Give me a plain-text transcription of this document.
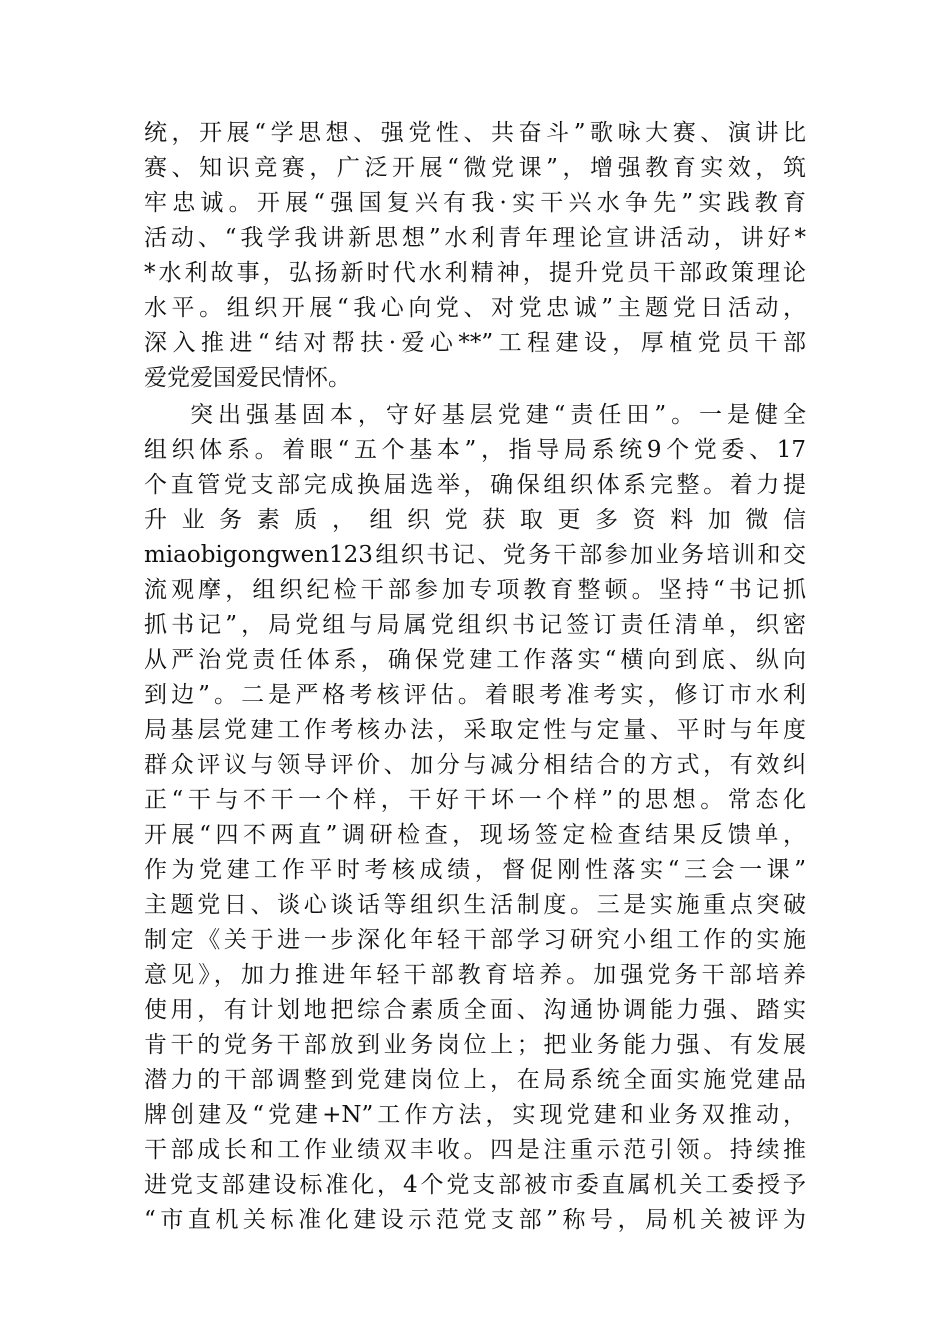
统，开展“学思想、强党性、共奋斗”歌咏大赛、演讲比
赛、知识竞赛，广泛开展“微党课”，增强教育实效，筑
牢忠诚。开展“强国复兴有我·实干兴水争先”实践教育
活动、“我学我讲新思想”水利青年理论宣讲活动，讲好*
*水利故事，弘扬新时代水利精神，提升党员干部政策理论
水平。组织开展“我心向党、对党忠诚”主题党日活动，
深入推进“结对帮扶·爱心**”工程建设，厚植党员干部
爱党爱国爱民情怀。
突出强基固本，守好基层党建“责任田”。一是健全
组织体系。着眼“五个基本”，指导局系统9个党委、17
个直管党支部完成换届选举，确保组织体系完整。着力提
升 业 务 素 质 ， 组 织 党 获 取 更 多 资 料 加 微 信
miaobigongwen123组织书记、党务干部参加业务培训和交
流观摩，组织纪检干部参加专项教育整顿。坚持“书记抓
抓书记”，局党组与局属党组织书记签订责任清单，织密
从严治党责任体系，确保党建工作落实“横向到底、纵向
到边”。二是严格考核评估。着眼考准考实，修订市水利
局基层党建工作考核办法，采取定性与定量、平时与年度
群众评议与领导评价、加分与减分相结合的方式，有效纠
正“干与不干一个样，干好干坏一个样”的思想。常态化
开展“四不两直”调研检查，现场签定检查结果反馈单，
作为党建工作平时考核成绩，督促刚性落实“三会一课”
主题党日、谈心谈话等组织生活制度。三是实施重点突破
制定《关于进一步深化年轻干部学习研究小组工作的实施
意见》，加力推进年轻干部教育培养。加强党务干部培养
使用，有计划地把综合素质全面、沟通协调能力强、踏实
肯干的党务干部放到业务岗位上；把业务能力强、有发展
潜力的干部调整到党建岗位上，在局系统全面实施党建品
牌创建及“党建+N”工作方法，实现党建和业务双推动，
干部成长和工作业绩双丰收。四是注重示范引领。持续推
进党支部建设标准化，4个党支部被市委直属机关工委授予
“市直机关标准化建设示范党支部”称号，局机关被评为
